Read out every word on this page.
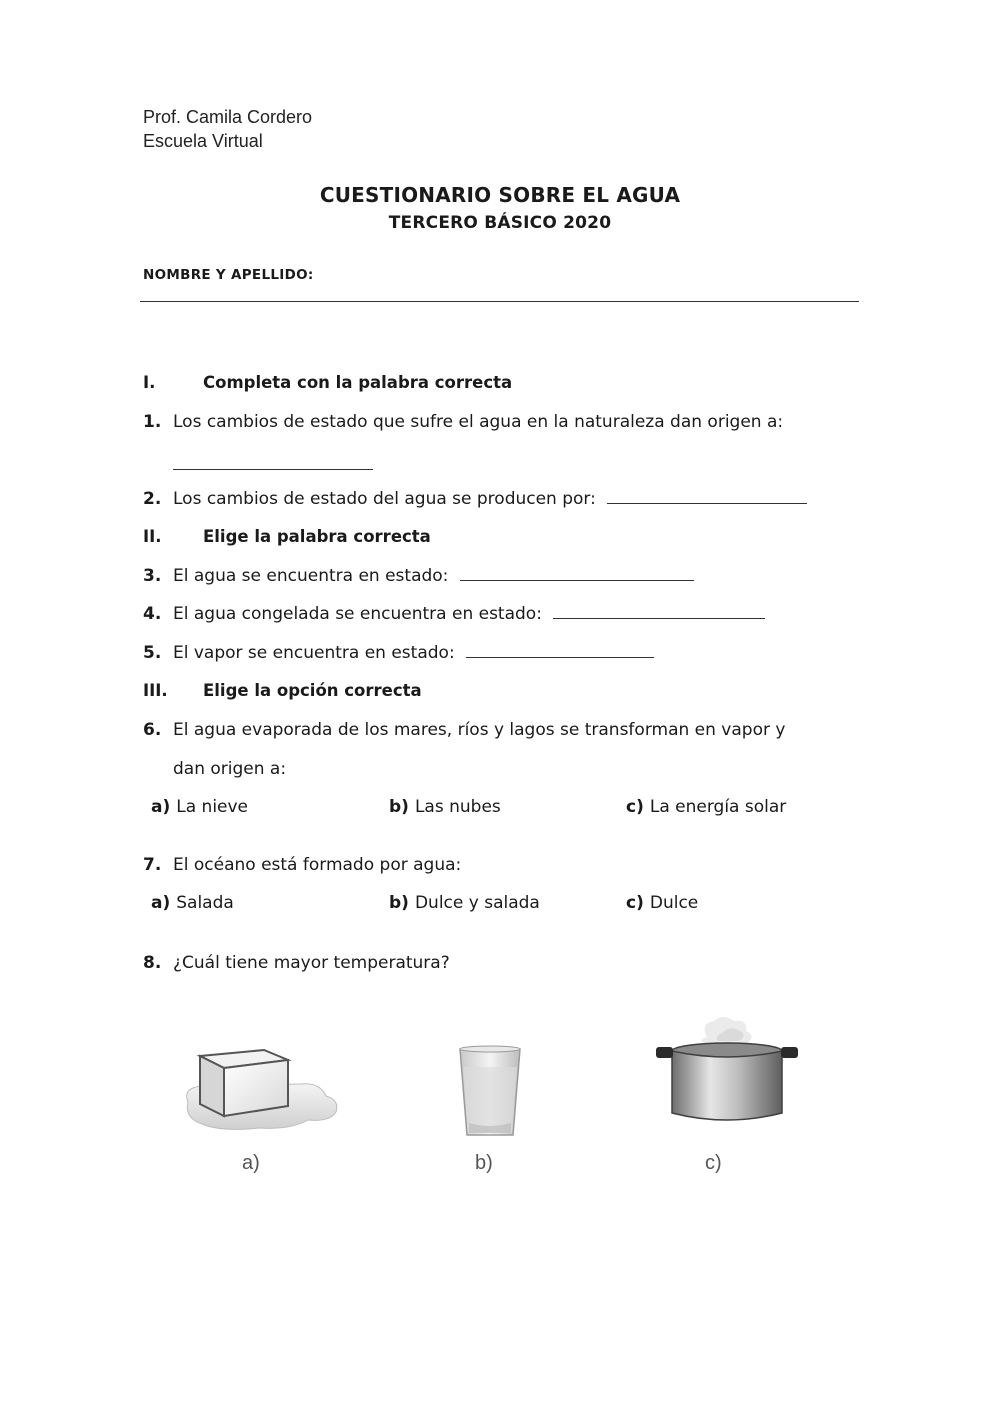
Prof. Camila Cordero
Escuela Virtual
CUESTIONARIO SOBRE EL AGUA
TERCERO BÁSICO 2020
NOMBRE Y APELLIDO:
I.	Completa con la palabra correcta
1. Los cambios de estado que sufre el agua en la naturaleza dan origen a:
2. Los cambios de estado del agua se producen por:
II.	Elige la palabra correcta
3. El agua se encuentra en estado:
4. El agua congelada se encuentra en estado:
5. El vapor se encuentra en estado:
III. Elige la opción correcta
6. El agua evaporada de los mares, ríos y lagos se transforman en vapor y
dan origen a:
a) La nieve	b) Las nubes	c) La energía solar
7. El océano está formado por agua:
a) Salada	b) Dulce y salada	c) Dulce
8. ¿Cuál tiene mayor temperatura?
a)	b)	c)
